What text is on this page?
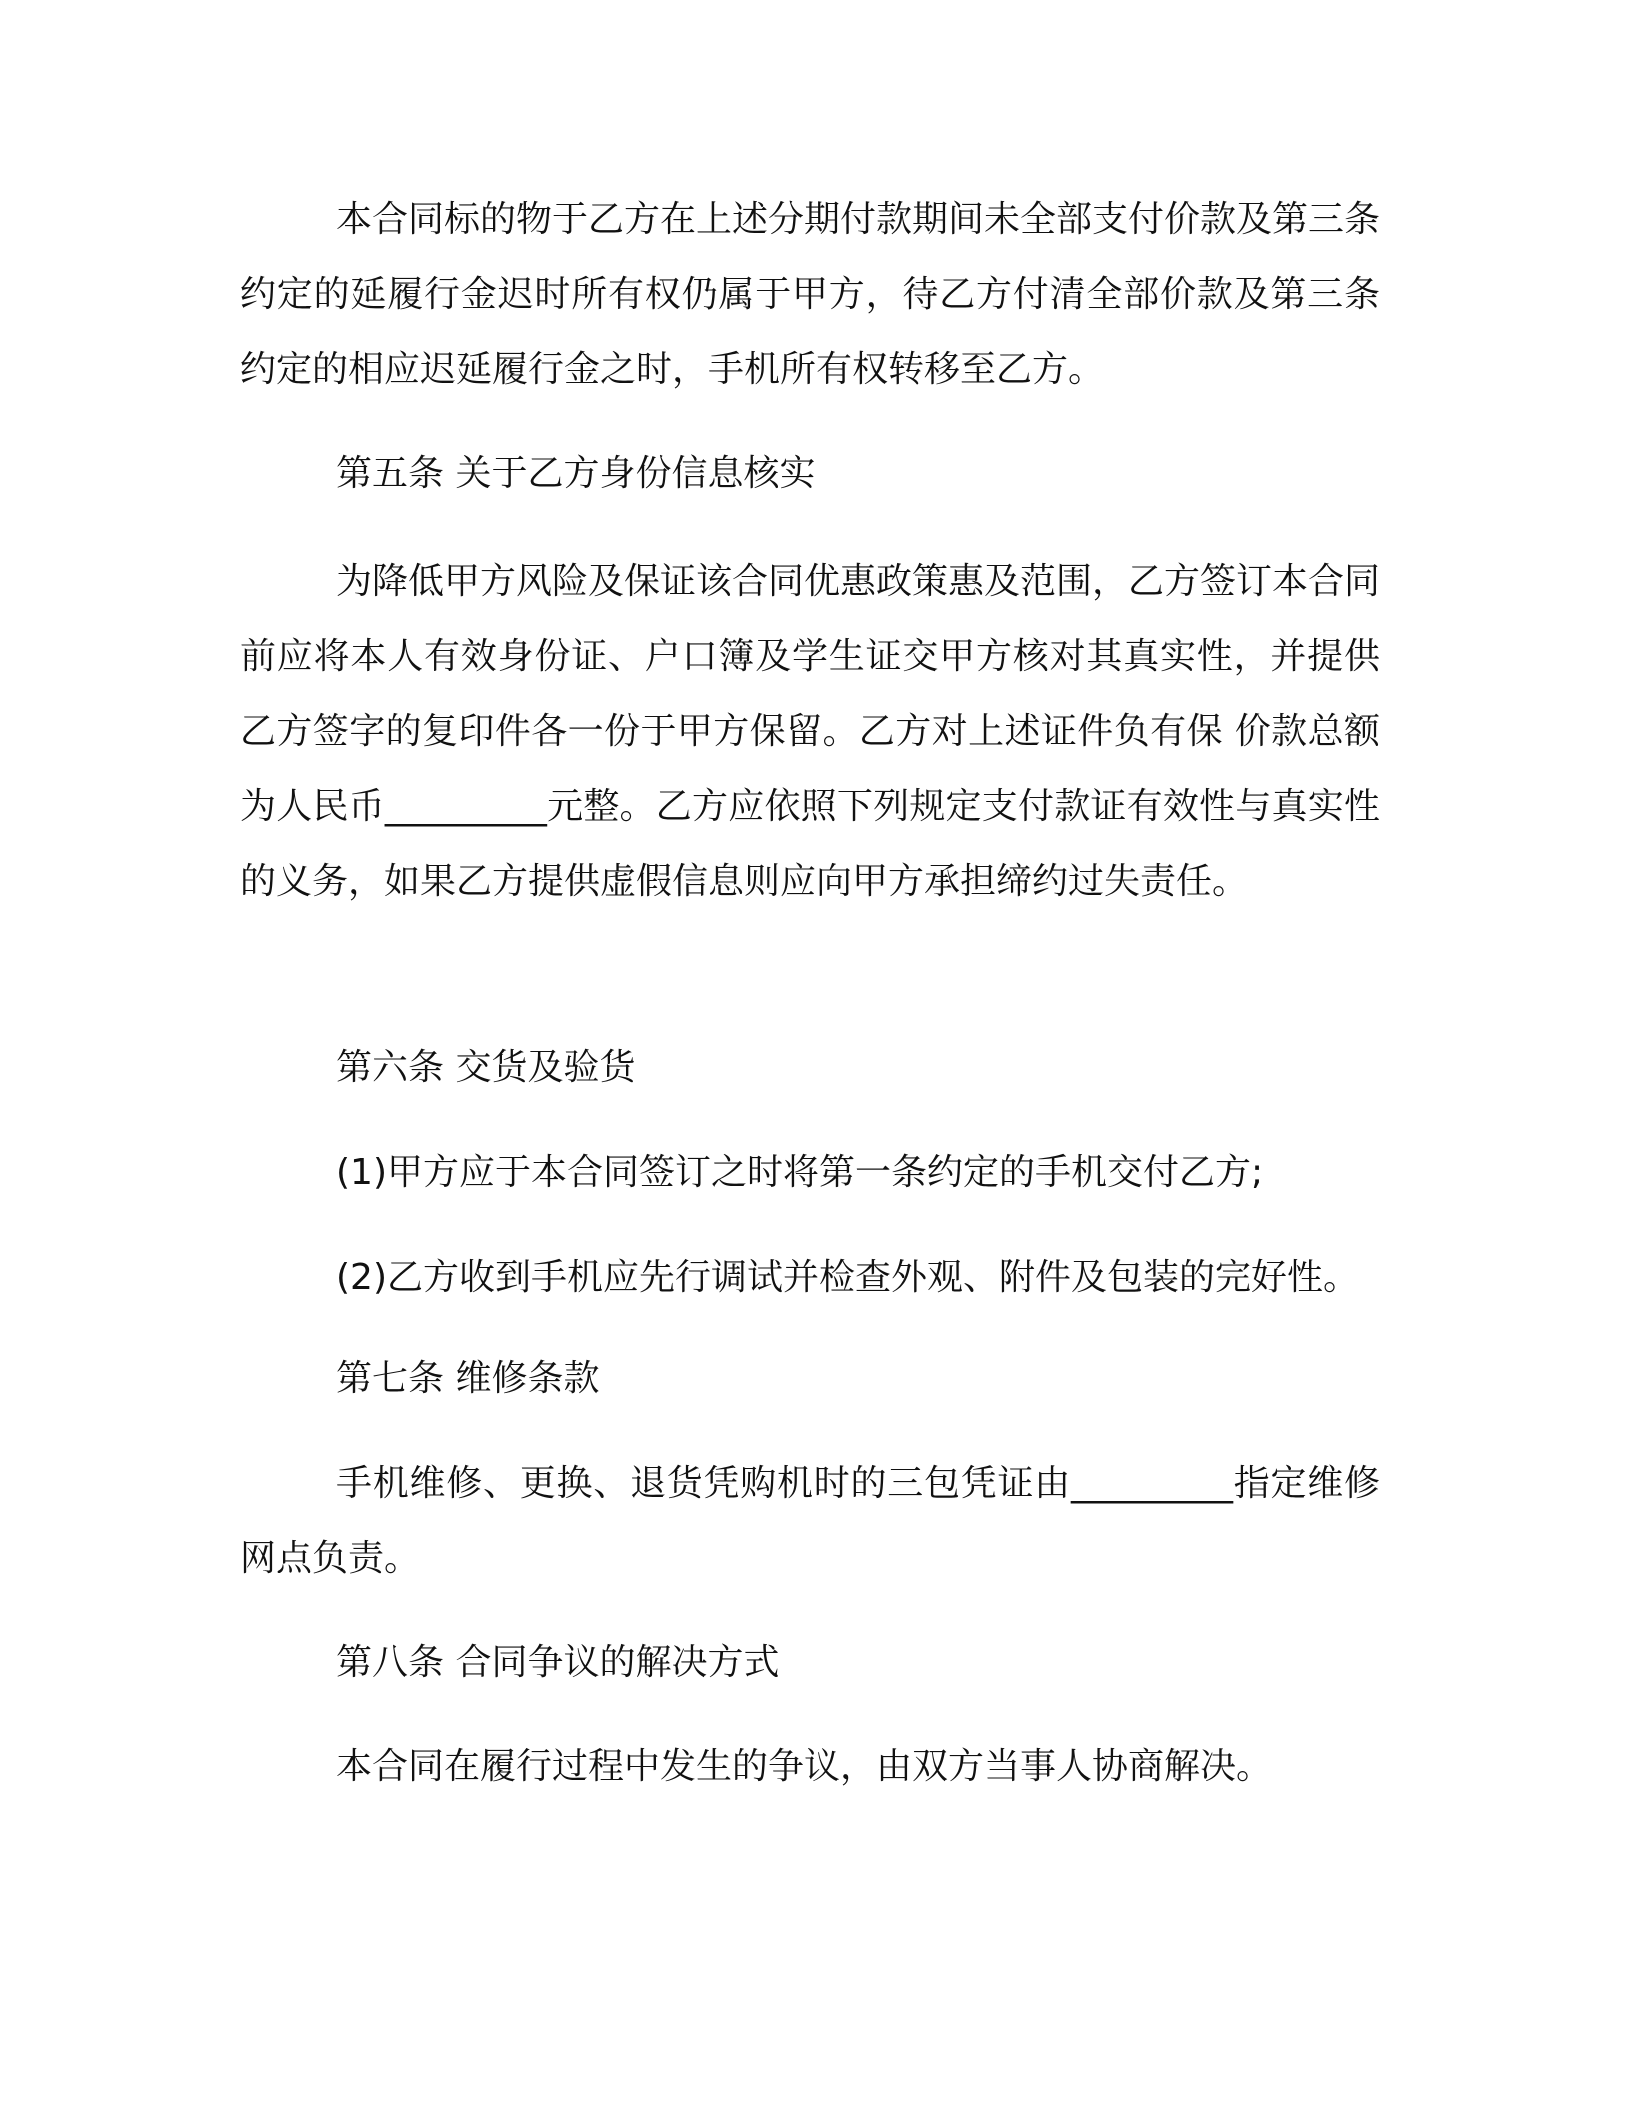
本合同标的物于乙方在上述分期付款期间未全部支付价款及第三条约定的延履行金迟时所有权仍属于甲方，待乙方付清全部价款及第三条约定的相应迟延履行金之时，手机所有权转移至乙方。

第五条 关于乙方身份信息核实

为降低甲方风险及保证该合同优惠政策惠及范围，乙方签订本合同前应将本人有效身份证、户口簿及学生证交甲方核对其真实性，并提供乙方签字的复印件各一份于甲方保留。乙方对上述证件负有保 价款总额为人民币_________元整。乙方应依照下列规定支付款证有效性与真实性的义务，如果乙方提供虚假信息则应向甲方承担缔约过失责任。

第六条 交货及验货

(1)甲方应于本合同签订之时将第一条约定的手机交付乙方;

(2)乙方收到手机应先行调试并检查外观、附件及包装的完好性。

第七条 维修条款

手机维修、更换、退货凭购机时的三包凭证由_________指定维修网点负责。

第八条 合同争议的解决方式

本合同在履行过程中发生的争议，由双方当事人协商解决。
